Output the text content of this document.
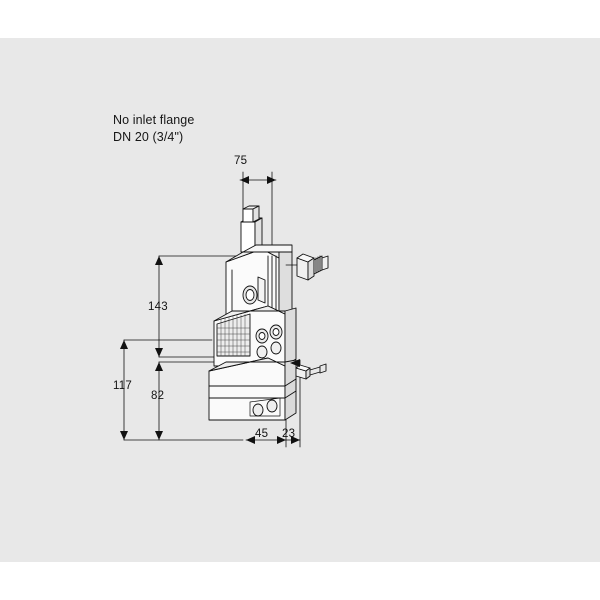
No inlet flange
DN 20 (3/4")
75
143
117
82
45 23
